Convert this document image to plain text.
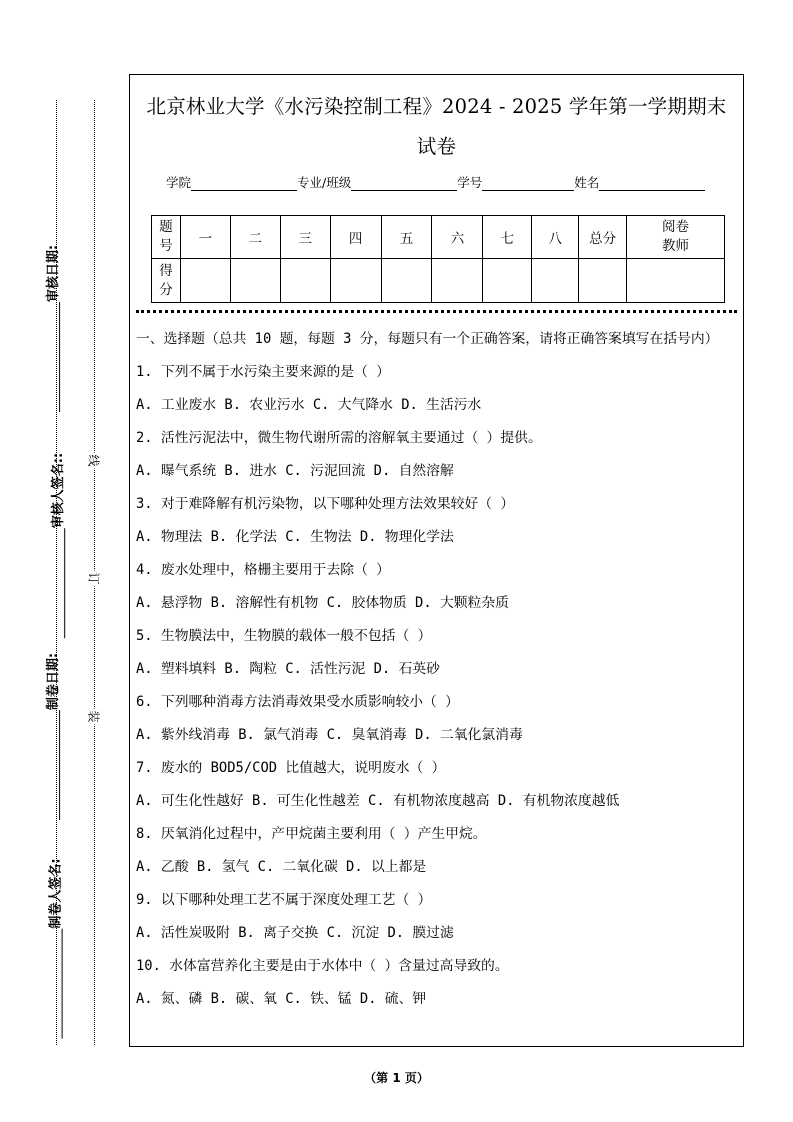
审核日期:
审核人签名::
制卷日期:
制卷人签名:
线
订
装
北京林业大学《水污染控制工程》2024 - 2025 学年第一学期期末
试卷
学院	专业/班级	学号	姓名
题
号	一	二	三	四	五	六	七	八	总分	阅卷
教师
得
分										
一、选择题（总共 10 题，每题 3 分，每题只有一个正确答案，请将正确答案填写在括号内）
1. 下列不属于水污染主要来源的是（ ）
A. 工业废水 B. 农业污水 C. 大气降水 D. 生活污水
2. 活性污泥法中，微生物代谢所需的溶解氧主要通过（ ）提供。
A. 曝气系统 B. 进水 C. 污泥回流 D. 自然溶解
3. 对于难降解有机污染物，以下哪种处理方法效果较好（ ）
A. 物理法 B. 化学法 C. 生物法 D. 物理化学法
4. 废水处理中，格栅主要用于去除（ ）
A. 悬浮物 B. 溶解性有机物 C. 胶体物质 D. 大颗粒杂质
5. 生物膜法中，生物膜的载体一般不包括（ ）
A. 塑料填料 B. 陶粒 C. 活性污泥 D. 石英砂
6. 下列哪种消毒方法消毒效果受水质影响较小（ ）
A. 紫外线消毒 B. 氯气消毒 C. 臭氧消毒 D. 二氧化氯消毒
7. 废水的 BOD5/COD 比值越大，说明废水（ ）
A. 可生化性越好 B. 可生化性越差 C. 有机物浓度越高 D. 有机物浓度越低
8. 厌氧消化过程中，产甲烷菌主要利用（ ）产生甲烷。
A. 乙酸 B. 氢气 C. 二氧化碳 D. 以上都是
9. 以下哪种处理工艺不属于深度处理工艺（ ）
A. 活性炭吸附 B. 离子交换 C. 沉淀 D. 膜过滤
10. 水体富营养化主要是由于水体中（ ）含量过高导致的。
A. 氮、磷 B. 碳、氧 C. 铁、锰 D. 硫、钾
（第 1 页）
